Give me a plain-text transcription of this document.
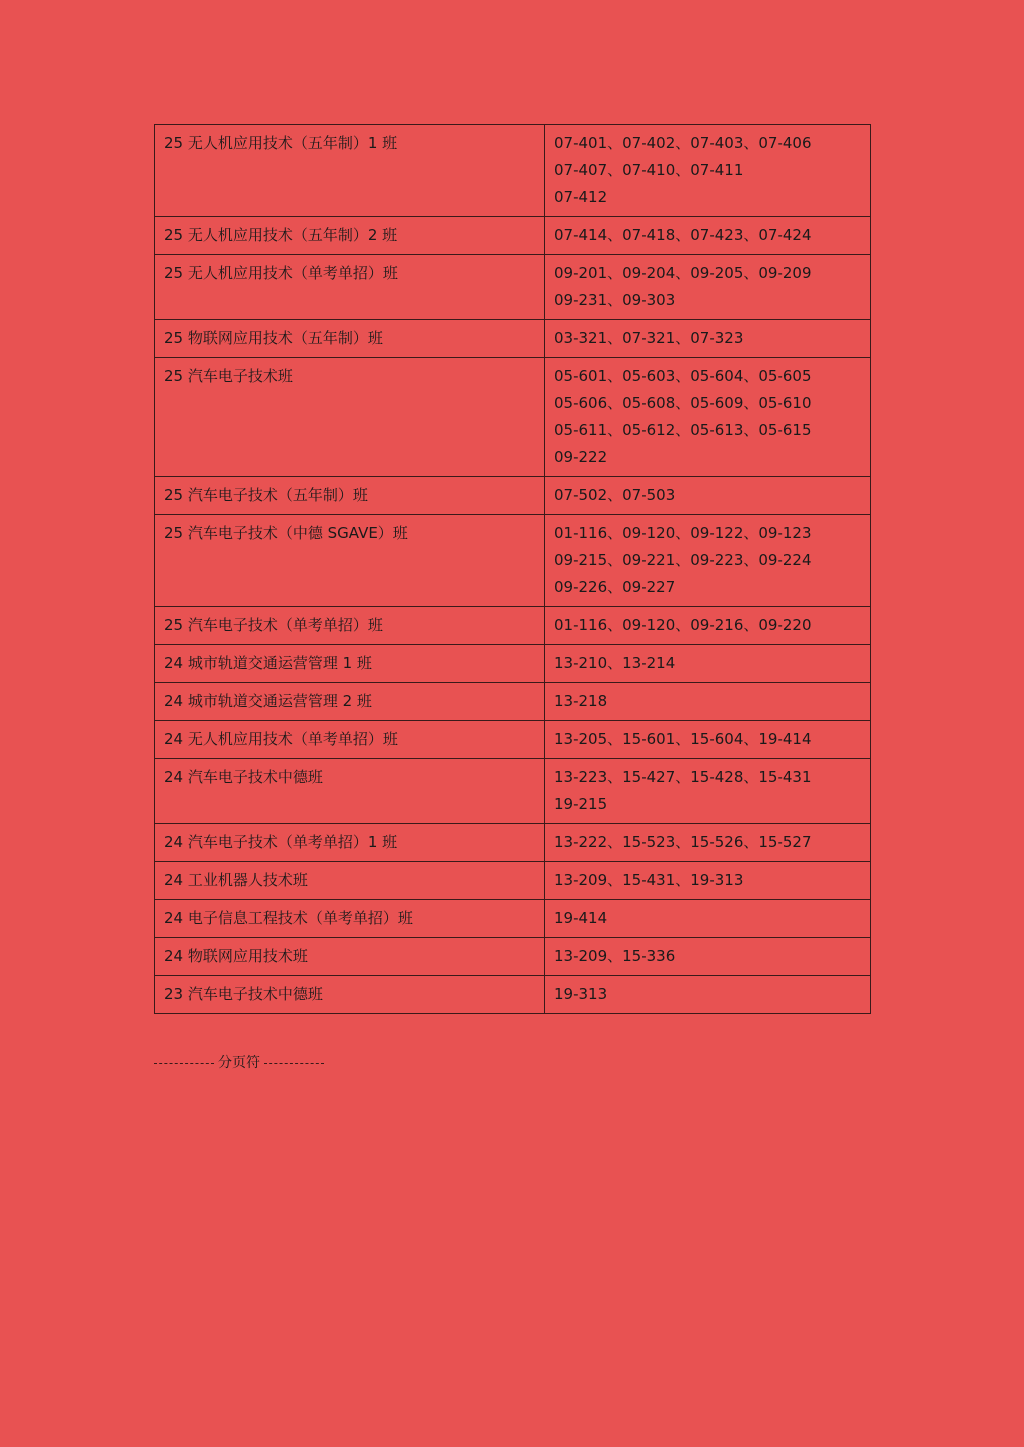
25 无人机应用技术（五年制）1 班	07-401、07-402、07-403、07-406
07-407、07-410、07-411
07-412

25 无人机应用技术（五年制）2 班	07-414、07-418、07-423、07-424

25 无人机应用技术（单考单招）班	09-201、09-204、09-205、09-209
09-231、09-303

25 物联网应用技术（五年制）班	03-321、07-321、07-323

25 汽车电子技术班	05-601、05-603、05-604、05-605
05-606、05-608、05-609、05-610
05-611、05-612、05-613、05-615
09-222

25 汽车电子技术（五年制）班	07-502、07-503

25 汽车电子技术（中德 SGAVE）班	01-116、09-120、09-122、09-123
09-215、09-221、09-223、09-224
09-226、09-227

25 汽车电子技术（单考单招）班	01-116、09-120、09-216、09-220

24 城市轨道交通运营管理 1 班	13-210、13-214

24 城市轨道交通运营管理 2 班	13-218

24 无人机应用技术（单考单招）班	13-205、15-601、15-604、19-414

24 汽车电子技术中德班	13-223、15-427、15-428、15-431
19-215

24 汽车电子技术（单考单招）1 班	13-222、15-523、15-526、15-527

24 工业机器人技术班	13-209、15-431、19-313

24 电子信息工程技术（单考单招）班	19-414

24 物联网应用技术班	13-209、15-336

23 汽车电子技术中德班	19-313
分页符
